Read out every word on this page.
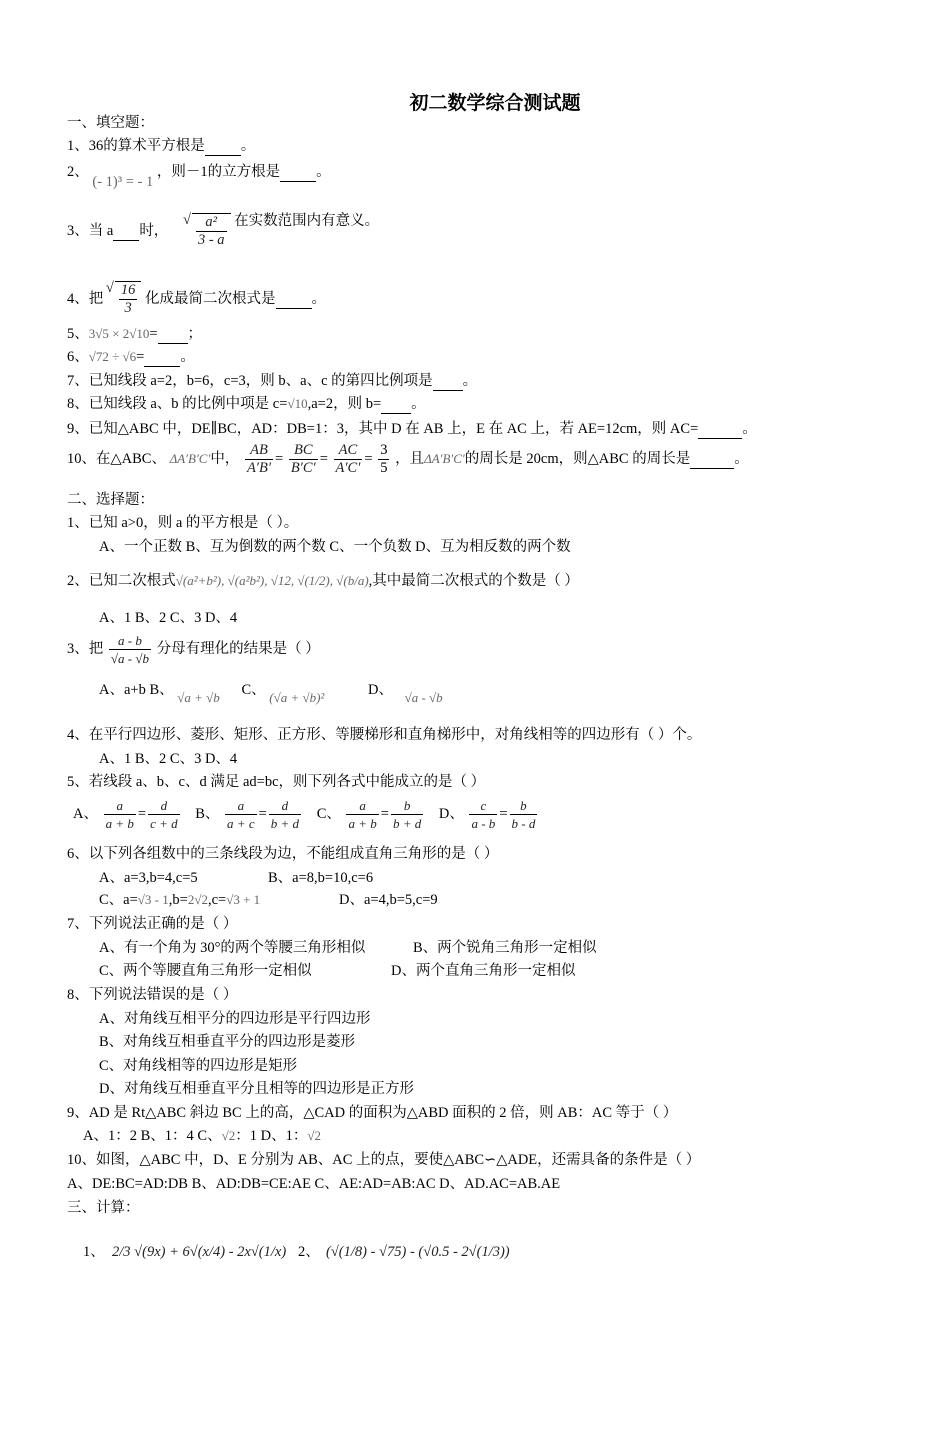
初二数学综合测试题
一、填空题：
1、36的算术平方根是 。
2、 (- 1)³ = - 1 ，则－1的立方根是 。
3、当 a 时， √ $\frac{\text{a²}}{3 - a}$ 在实数范围内有意义。
4、把 √ $\frac{16}{3}$ 化成最简二次根式是 。
5、3√5 × 2√10= ；
6、√72 ÷ √6= 。
7、已知线段 a=2，b=6，c=3，则 b、a、c 的第四比例项是 。
8、已知线段 a、b 的比例中项是 c=√10,a=2，则 b= 。
9、已知△ABC 中，DE∥BC，AD：DB=1：3，其中 D 在 AB 上，E 在 AC 上，若 AE=12cm，则 AC=	。
10、在△ABC、 ΔA′B′C′中， $\frac{AB}{A'B'} = \frac{BC}{B'C'} = \frac{AC}{A'C'} = \frac{3}{5}$ ，且ΔA′B′C′的周长是 20cm，则△ABC 的周长是	。
二、选择题：
1、已知 a>0，则 a 的平方根是（ ）。
A、一个正数 B、互为倒数的两个数 C、一个负数 D、互为相反数的两个数
2、已知二次根式√(a²+b²), √(a²b²), √12, √(1/2), √(b/a),其中最简二次根式的个数是（ ）
A、1 B、2 C、3 D、4
3、把 $\frac{a - b}{√a - √b}$ 分母有理化的结果是（ ）
A、a+b B、 √a + √b C、 (√a + √b)²	D、 √a - √b
4、在平行四边形、菱形、矩形、正方形、等腰梯形和直角梯形中，对角线相等的四边形有（ ）个。
A、1 B、2 C、3 D、4
5、若线段 a、b、c、d 满足 ad=bc，则下列各式中能成立的是（ ）
A、 $\frac{a}{a + b} = \frac{d}{c + d}$ B、 $\frac{a}{a + c} = \frac{d}{b + d}$ C、 $\frac{a}{a + b} = \frac{b}{b + d}$ D、 $\frac{c}{a - b} = \frac{b}{b - d}$
6、以下列各组数中的三条线段为边，不能组成直角三角形的是（ ）
A、a=3,b=4,c=5	B、a=8,b=10,c=6
C、a=√3 - 1,b=2√2,c=√3 + 1	D、a=4,b=5,c=9
7、下列说法正确的是（ ）
A、有一个角为 30°的两个等腰三角形相似	B、两个锐角三角形一定相似
C、两个等腰直角三角形一定相似	D、两个直角三角形一定相似
8、下列说法错误的是（ ）
A、对角线互相平分的四边形是平行四边形
B、对角线互相垂直平分的四边形是菱形
C、对角线相等的四边形是矩形
D、对角线互相垂直平分且相等的四边形是正方形
9、AD 是 Rt△ABC 斜边 BC 上的高，△CAD 的面积为△ABD 面积的 2 倍，则 AB：AC 等于（ ）
A、1：2 B、1：4 C、√2：1 D、1：√2
10、如图，△ABC 中，D、E 分别为 AB、AC 上的点，要使△ABC∽△ADE，还需具备的条件是（ ）
A、DE:BC=AD:DB B、AD:DB=CE:AE C、AE:AD=AB:AC D、AD.AC=AB.AE
三、计算：
1、 2/3 √(9x) + 6√(x/4) - 2x√(1/x) 2、 (√(1/8) - √75) - (√0.5 - 2√(1/3))
